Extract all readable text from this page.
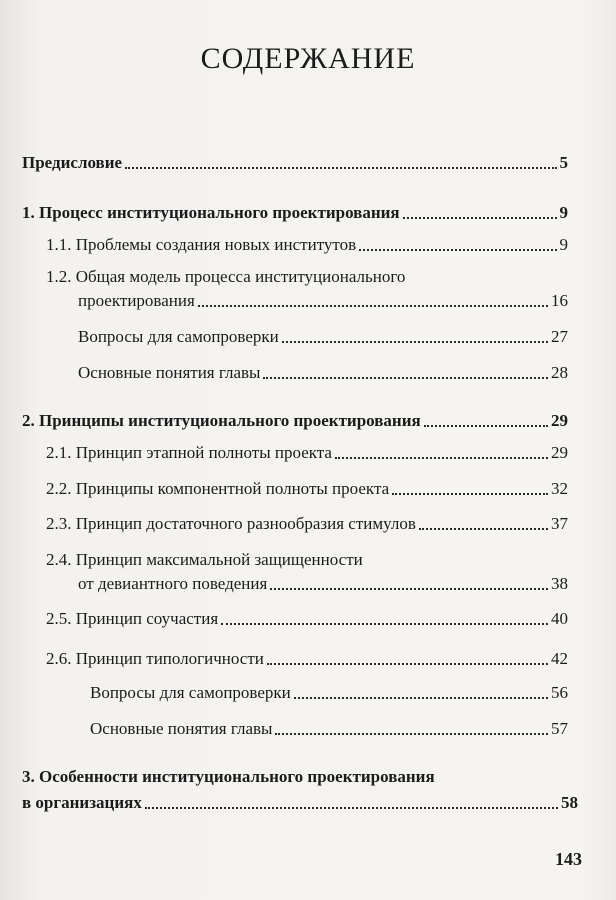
СОДЕРЖАНИЕ
Предисловие	5
1. Процесс институционального проектирования	9
1.1. Проблемы создания новых институтов	9
1.2. Общая модель процесса институционального
проектирования	16
Вопросы для самопроверки	27
Основные понятия главы	28
2. Принципы институционального проектирования	29
2.1. Принцип этапной полноты проекта	29
2.2. Принципы компонентной полноты проекта	32
2.3. Принцип достаточного разнообразия стимулов	37
2.4. Принцип максимальной защищенности
от девиантного поведения	38
2.5. Принцип соучастия	40
2.6. Принцип типологичности	42
Вопросы для самопроверки	56
Основные понятия главы	57
3. Особенности институционального проектирования
в организациях	58
143
